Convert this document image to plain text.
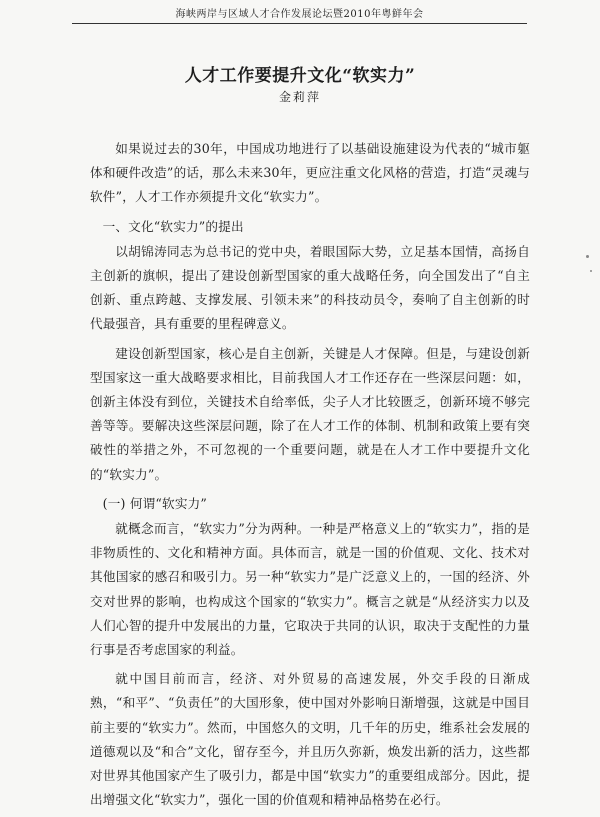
海峡两岸与区域人才合作发展论坛暨2010年粤鲜年会
人才工作要提升文化“软实力”
金莉萍

如果说过去的30年，中国成功地进行了以基础设施建设为代表的“城市躯体和硬件改造”的话，那么未来30年，更应注重文化风格的营造，打造“灵魂与软件”，人才工作亦须提升文化“软实力”。

一、文化“软实力”的提出

以胡锦涛同志为总书记的党中央，着眼国际大势，立足基本国情，高扬自主创新的旗帜，提出了建设创新型国家的重大战略任务，向全国发出了“自主创新、重点跨越、支撑发展、引领未来”的科技动员令，奏响了自主创新的时代最强音，具有重要的里程碑意义。

建设创新型国家，核心是自主创新，关键是人才保障。但是，与建设创新型国家这一重大战略要求相比，目前我国人才工作还存在一些深层问题：如，创新主体没有到位，关键技术自给率低，尖子人才比较匮乏，创新环境不够完善等等。要解决这些深层问题，除了在人才工作的体制、机制和政策上要有突破性的举措之外，不可忽视的一个重要问题，就是在人才工作中要提升文化的“软实力”。

(一) 何谓“软实力”

就概念而言，“软实力”分为两种。一种是严格意义上的“软实力”，指的是非物质性的、文化和精神方面。具体而言，就是一国的价值观、文化、技术对其他国家的感召和吸引力。另一种“软实力”是广泛意义上的，一国的经济、外交对世界的影响，也构成这个国家的“软实力”。概言之就是“从经济实力以及人们心智的提升中发展出的力量，它取决于共同的认识，取决于支配性的力量行事是否考虑国家的利益。

就中国目前而言，经济、对外贸易的高速发展，外交手段的日渐成熟，“和平”、“负责任”的大国形象，使中国对外影响日渐增强，这就是中国目前主要的“软实力”。然而，中国悠久的文明，几千年的历史，维系社会发展的道德观以及“和合”文化，留存至今，并且历久弥新，焕发出新的活力，这些都对世界其他国家产生了吸引力，都是中国“软实力”的重要组成部分。因此，提出增强文化“软实力”，强化一国的价值观和精神品格势在必行。
